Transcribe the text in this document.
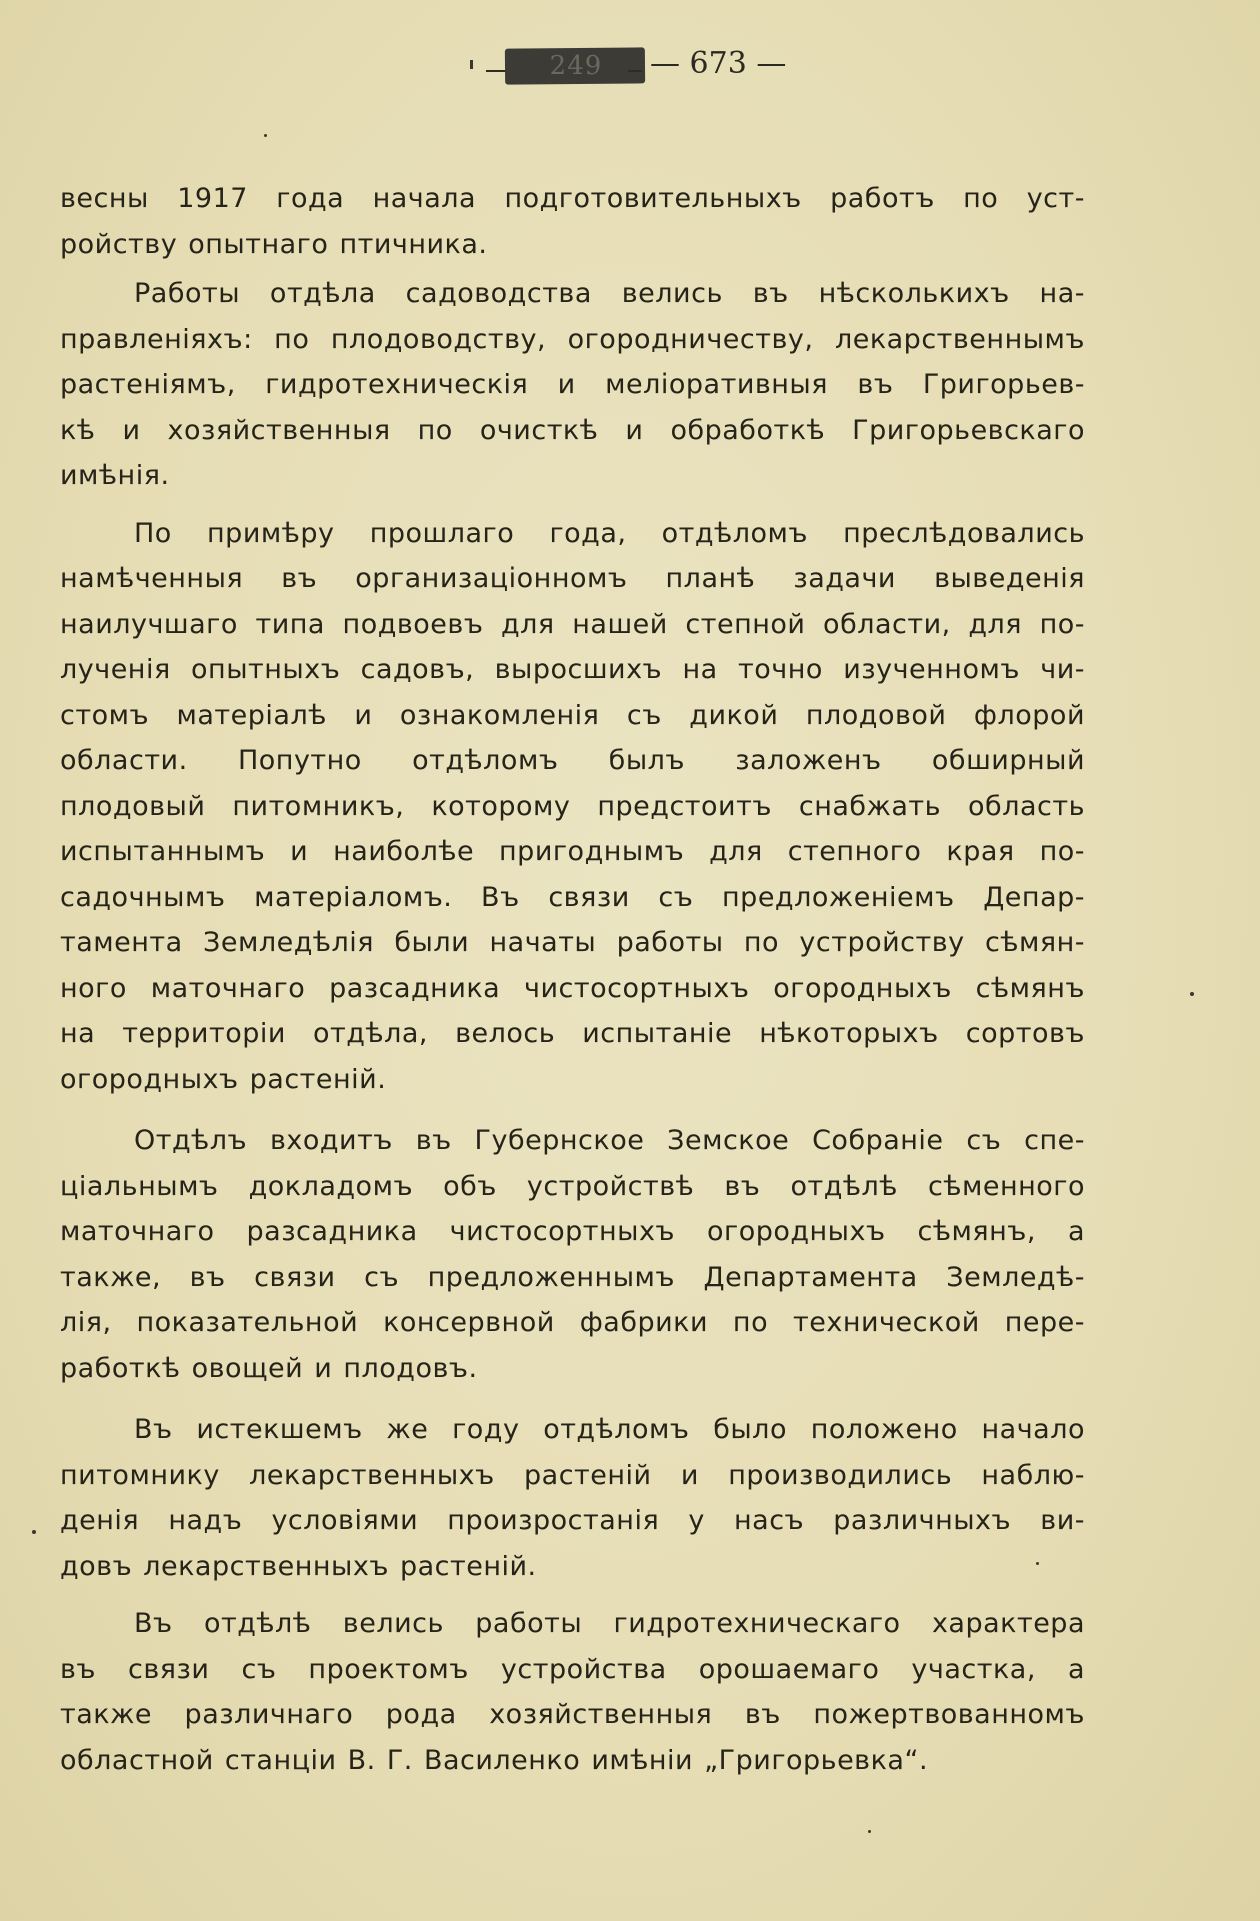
249	— 673 —
весны 1917 года начала подготовительныхъ работъ по уст-
ройству опытнаго птичника.
Работы отдѣла садоводства велись въ нѣсколькихъ на-
правленіяхъ: по плодоводству, огородничеству, лекарственнымъ
растеніямъ, гидротехническія и мелiоративныя въ Григорьев-
кѣ и хозяйственныя по очисткѣ и обработкѣ Григорьевскаго
имѣнія.
По примѣру прошлаго года, отдѣломъ преслѣдовались
намѣченныя въ организацiонномъ планѣ задачи выведенія
наилучшаго типа подвоевъ для нашей степной области, для по-
лученія опытныхъ садовъ, выросшихъ на точно изученномъ чи-
стомъ матеріалѣ и ознакомленія съ дикой плодовой флорой
области. Попутно отдѣломъ былъ заложенъ обширный
плодовый питомникъ, которому предстоитъ снабжать область
испытаннымъ и наиболѣе пригоднымъ для степного края по-
садочнымъ матеріаломъ. Въ связи съ предложеніемъ Депар-
тамента Земледѣлія были начаты работы по устройству сѣмян-
ного маточнаго разсадника чистосортныхъ огородныхъ сѣмянъ
на территоріи отдѣла, велось испытаніе нѣкоторыхъ сортовъ
огородныхъ растеній.
Отдѣлъ входитъ въ Губернское Земское Собраніе съ спе-
ціальнымъ докладомъ объ устройствѣ въ отдѣлѣ сѣменного
маточнаго разсадника чистосортныхъ огородныхъ сѣмянъ, а
также, въ связи съ предложеннымъ Департамента Земледѣ-
лія, показательной консервной фабрики по технической пере-
работкѣ овощей и плодовъ.
Въ истекшемъ же году отдѣломъ было положено начало
питомнику лекарственныхъ растеній и производились наблю-
денія надъ условіями произростанія у насъ различныхъ ви-
довъ лекарственныхъ растеній.
Въ отдѣлѣ велись работы гидротехническаго характера
въ связи съ проектомъ устройства орошаемаго участка, а
также различнаго рода хозяйственныя въ пожертвованномъ
областной станціи В. Г. Василенко имѣніи „Григорьевка“.
